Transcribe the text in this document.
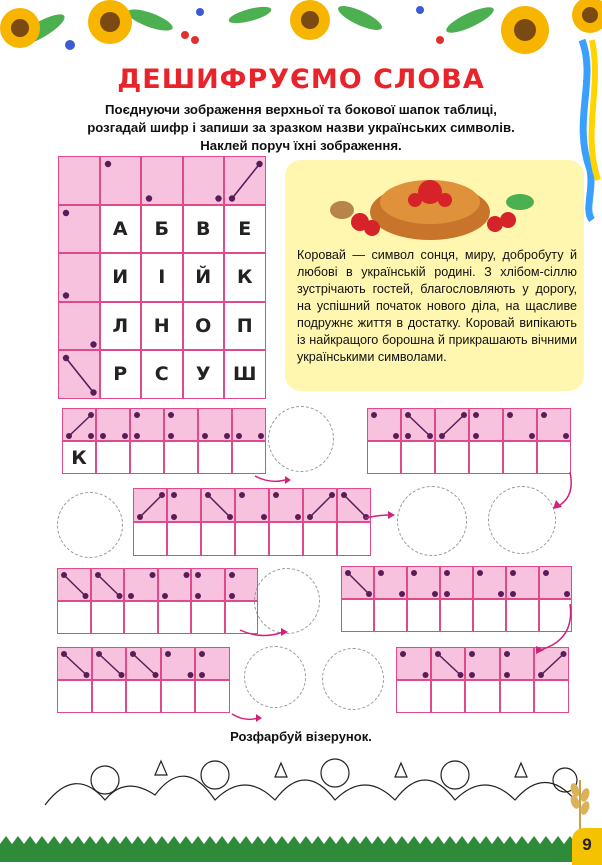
ДЕШИФРУЄМО СЛОВА
Поєднуючи зображення верхньої та бокової шапок таблиці,
розгадай шифр і запиши за зразком назви українських символів.
Наклей поруч їхні зображення.
А	Б	В	Е
И	І	Й	К
Л	Н	О	П
Р	С	У	Ш
Коровай — символ сонця, миру, добробуту й любові в українській родині. З хлібом-сіллю зустрічають гостей, благословляють у дорогу, на успішний початок нового діла, на щасливе подружнє життя в достатку. Коровай випікають із найкращого борошна й прикрашають вічними українськими символами.
К
Розфарбуй візерунок.
9
